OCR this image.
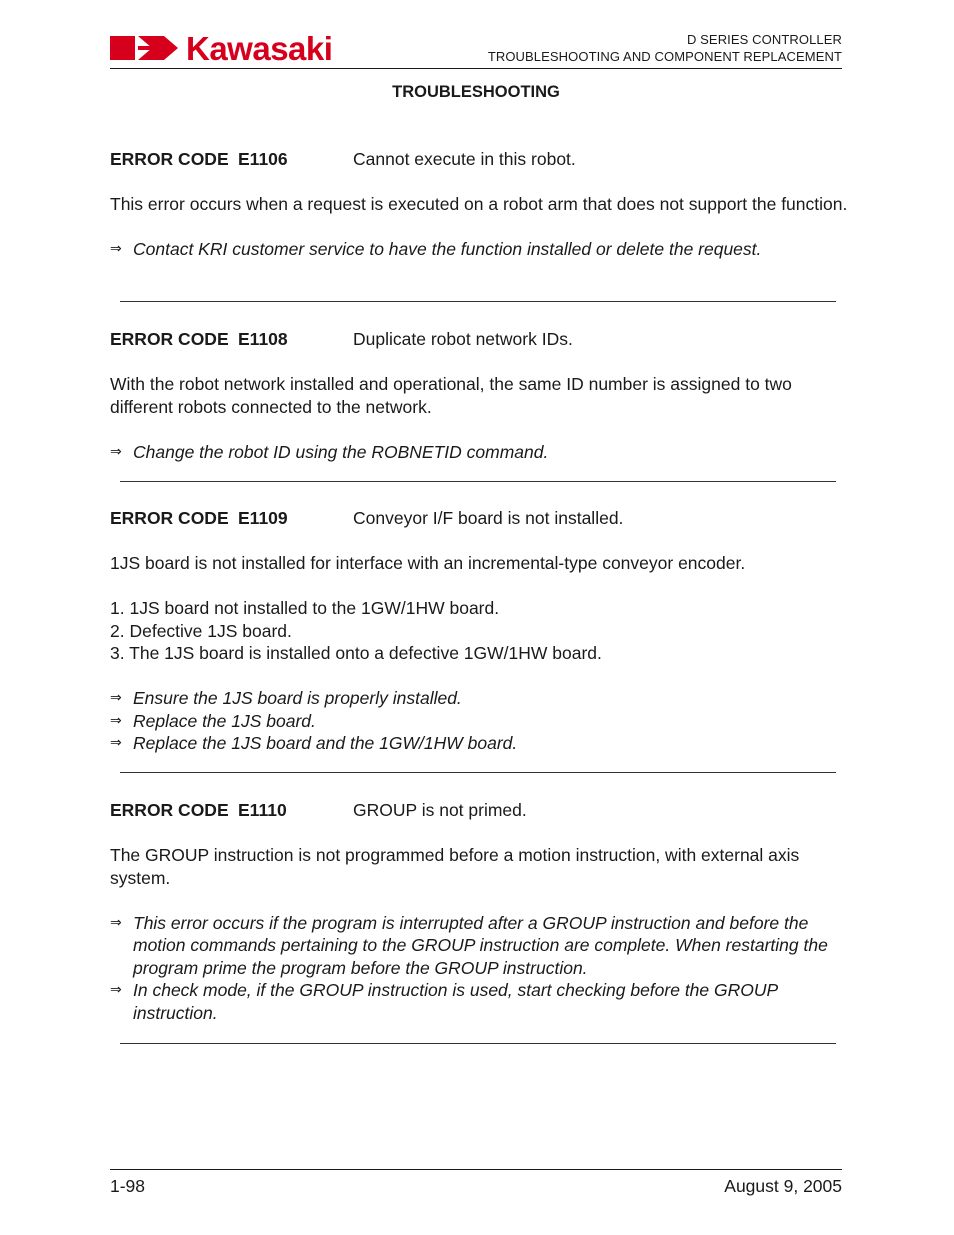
Kawasaki	D SERIES CONTROLLER
TROUBLESHOOTING AND COMPONENT REPLACEMENT
TROUBLESHOOTING
ERROR CODE E1106	Cannot execute in this robot.
This error occurs when a request is executed on a robot arm that does not support the function.
⇒ Contact KRI customer service to have the function installed or delete the request.
ERROR CODE E1108	Duplicate robot network IDs.
With the robot network installed and operational, the same ID number is assigned to two different robots connected to the network.
⇒ Change the robot ID using the ROBNETID command.
ERROR CODE E1109	Conveyor I/F board is not installed.
1JS board is not installed for interface with an incremental-type conveyor encoder.
1. 1JS board not installed to the 1GW/1HW board.
2. Defective 1JS board.
3. The 1JS board is installed onto a defective 1GW/1HW board.
⇒ Ensure the 1JS board is properly installed.
⇒ Replace the 1JS board.
⇒ Replace the 1JS board and the 1GW/1HW board.
ERROR CODE E1110	GROUP is not primed.
The GROUP instruction is not programmed before a motion instruction, with external axis system.
⇒ This error occurs if the program is interrupted after a GROUP instruction and before the motion commands pertaining to the GROUP instruction are complete. When restarting the program prime the program before the GROUP instruction.
⇒ In check mode, if the GROUP instruction is used, start checking before the GROUP instruction.
1-98	August 9, 2005
